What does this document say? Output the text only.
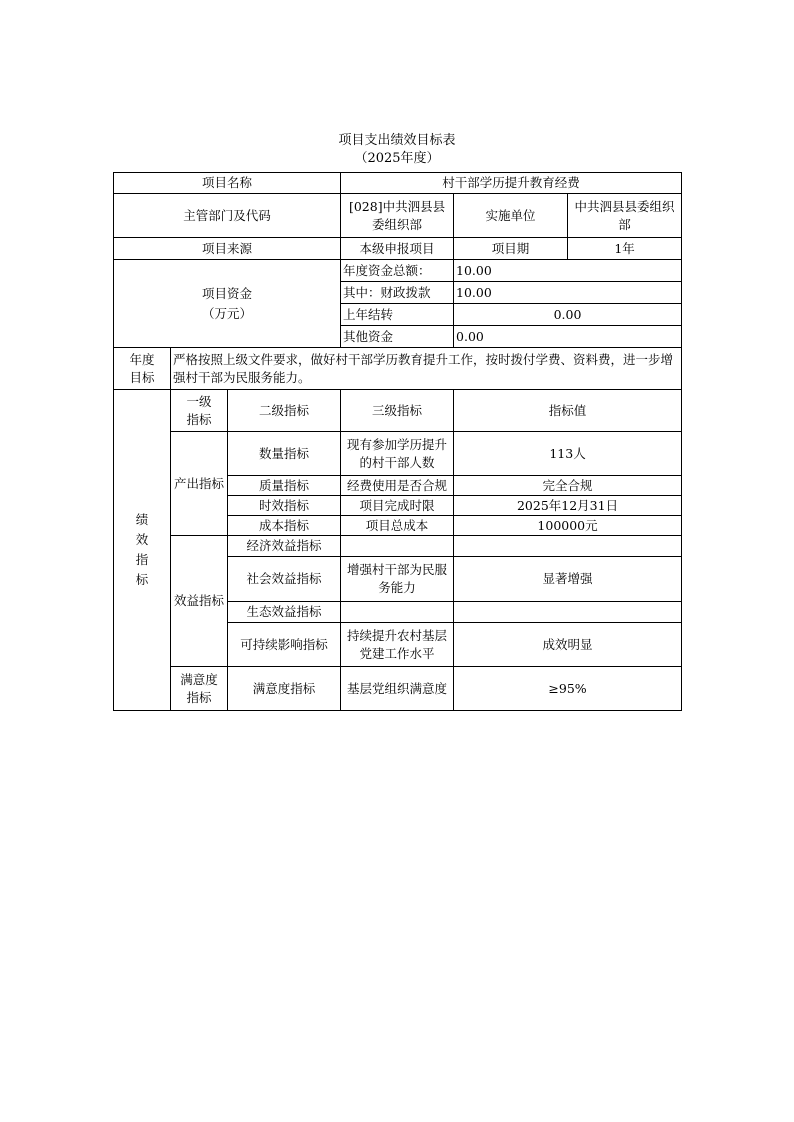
项目支出绩效目标表
（2025年度）
项目名称			村干部学历提升教育经费		
主管部门及代码			[028]中共泗县县委组织部	实施单位	中共泗县县委组织部
项目来源			本级申报项目	项目期	1年

项目资金
（万元）			年度资金总额：	10.00	
			其中：财政拨款	10.00	
			上年结转	0.00	
			其他资金	0.00	

年度
目标	严格按照上级文件要求，做好村干部学历教育提升工作，按时拨付学费、资料费，进一步增强村干部为民服务能力。				

绩
效
指
标	一级指标	二级指标	三级指标	指标值	
	产出指标	数量指标	现有参加学历提升的村干部人数	113人	
		质量指标	经费使用是否合规	完全合规	
		时效指标	项目完成时限	2025年12月31日	
		成本指标	项目总成本	100000元	
	效益指标	经济效益指标			
		社会效益指标	增强村干部为民服务能力	显著增强	
		生态效益指标			
		可持续影响指标	持续提升农村基层党建工作水平	成效明显	
	满意度指标	满意度指标	基层党组织满意度	≥95%	
